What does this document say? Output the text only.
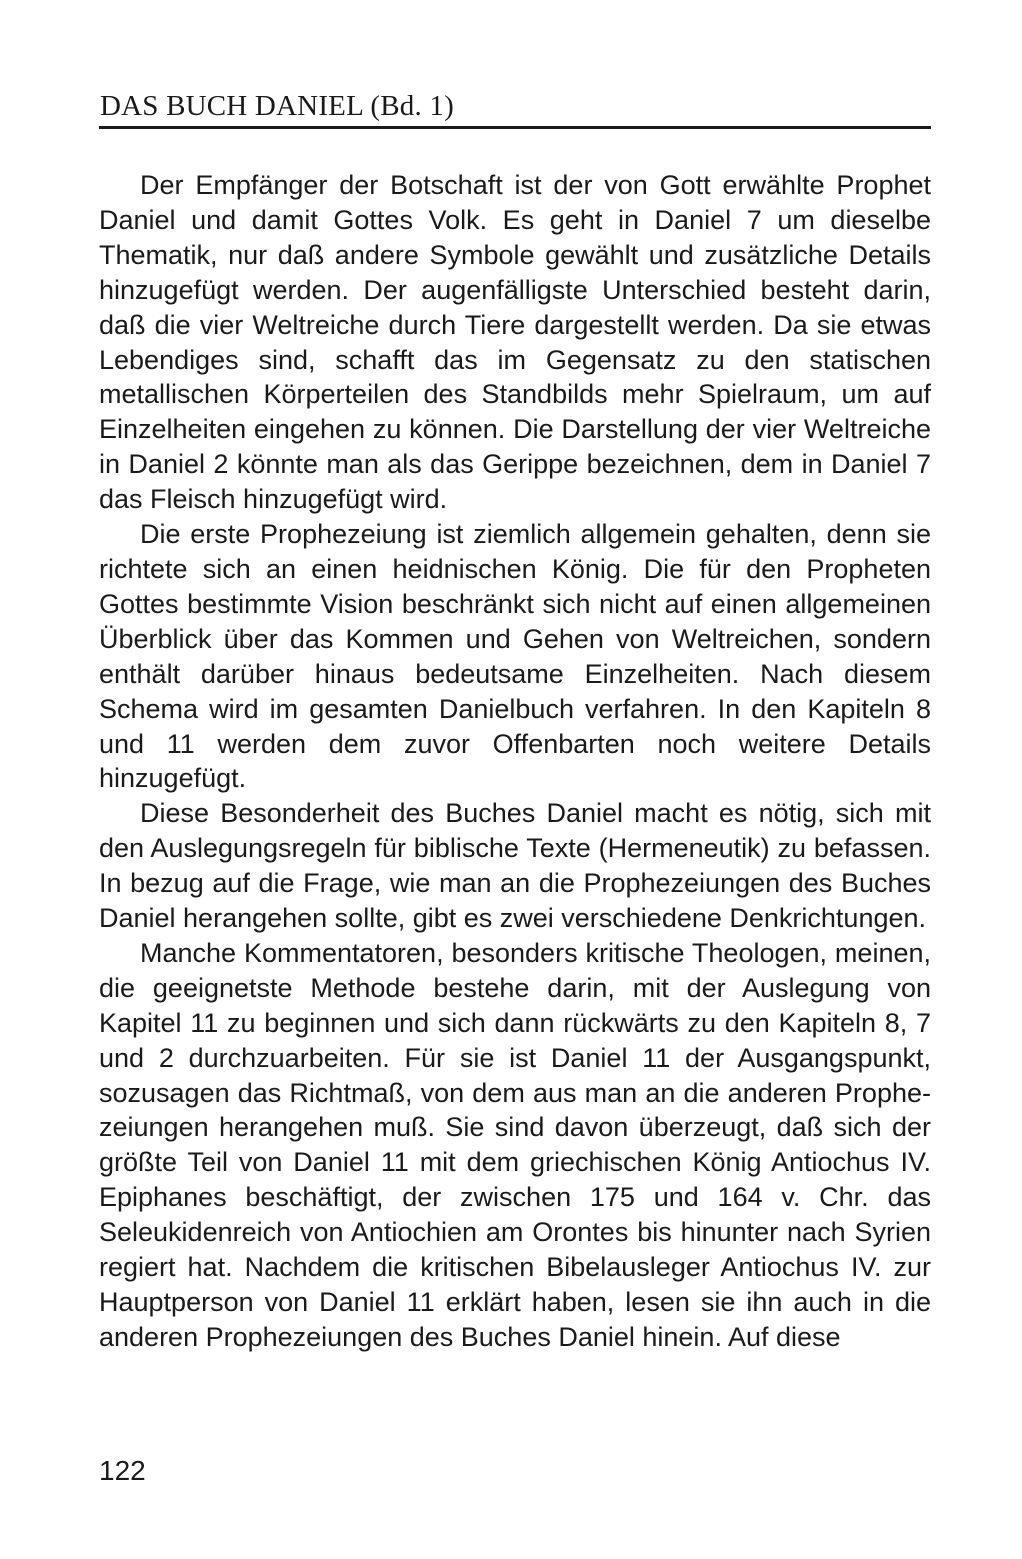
DAS BUCH DANIEL (Bd. 1)

Der Empfänger der Botschaft ist der von Gott erwählte Prophet Daniel und damit Gottes Volk. Es geht in Daniel 7 um dieselbe Thematik, nur daß andere Symbole gewählt und zusätzliche Details hinzugefügt werden. Der augenfälligste Unterschied besteht darin, daß die vier Weltreiche durch Tiere dargestellt werden. Da sie etwas Lebendiges sind, schafft das im Gegensatz zu den statischen metallischen Körperteilen des Standbilds mehr Spielraum, um auf Einzelheiten eingehen zu können. Die Darstellung der vier Weltreiche in Daniel 2 könnte man als das Gerippe bezeichnen, dem in Daniel 7 das Fleisch hinzugefügt wird.

Die erste Prophezeiung ist ziemlich allgemein gehalten, denn sie richtete sich an einen heidnischen König. Die für den Propheten Gottes bestimmte Vision beschränkt sich nicht auf einen allgemeinen Überblick über das Kommen und Gehen von Weltreichen, sondern enthält darüber hinaus bedeutsame Einzelheiten. Nach diesem Schema wird im gesamten Danielbuch verfahren. In den Kapiteln 8 und 11 werden dem zuvor Offenbarten noch weitere Details hinzugefügt.

Diese Besonderheit des Buches Daniel macht es nötig, sich mit den Auslegungsregeln für biblische Texte (Hermeneutik) zu befassen. In bezug auf die Frage, wie man an die Prophezeiungen des Buches Daniel herangehen sollte, gibt es zwei verschiedene Denkrichtungen.

Manche Kommentatoren, besonders kritische Theologen, meinen, die geeignetste Methode bestehe darin, mit der Auslegung von Kapitel 11 zu beginnen und sich dann rückwärts zu den Kapiteln 8, 7 und 2 durchzuarbeiten. Für sie ist Daniel 11 der Ausgangspunkt, sozusagen das Richtmaß, von dem aus man an die anderen Prophezeiungen herangehen muß. Sie sind davon überzeugt, daß sich der größte Teil von Daniel 11 mit dem griechischen König Antiochus IV. Epiphanes beschäftigt, der zwischen 175 und 164 v. Chr. das Seleukidenreich von Antiochien am Orontes bis hinunter nach Syrien regiert hat. Nachdem die kritischen Bibelausleger Antiochus IV. zur Hauptperson von Daniel 11 erklärt haben, lesen sie ihn auch in die anderen Prophezeiungen des Buches Daniel hinein. Auf diese

122
